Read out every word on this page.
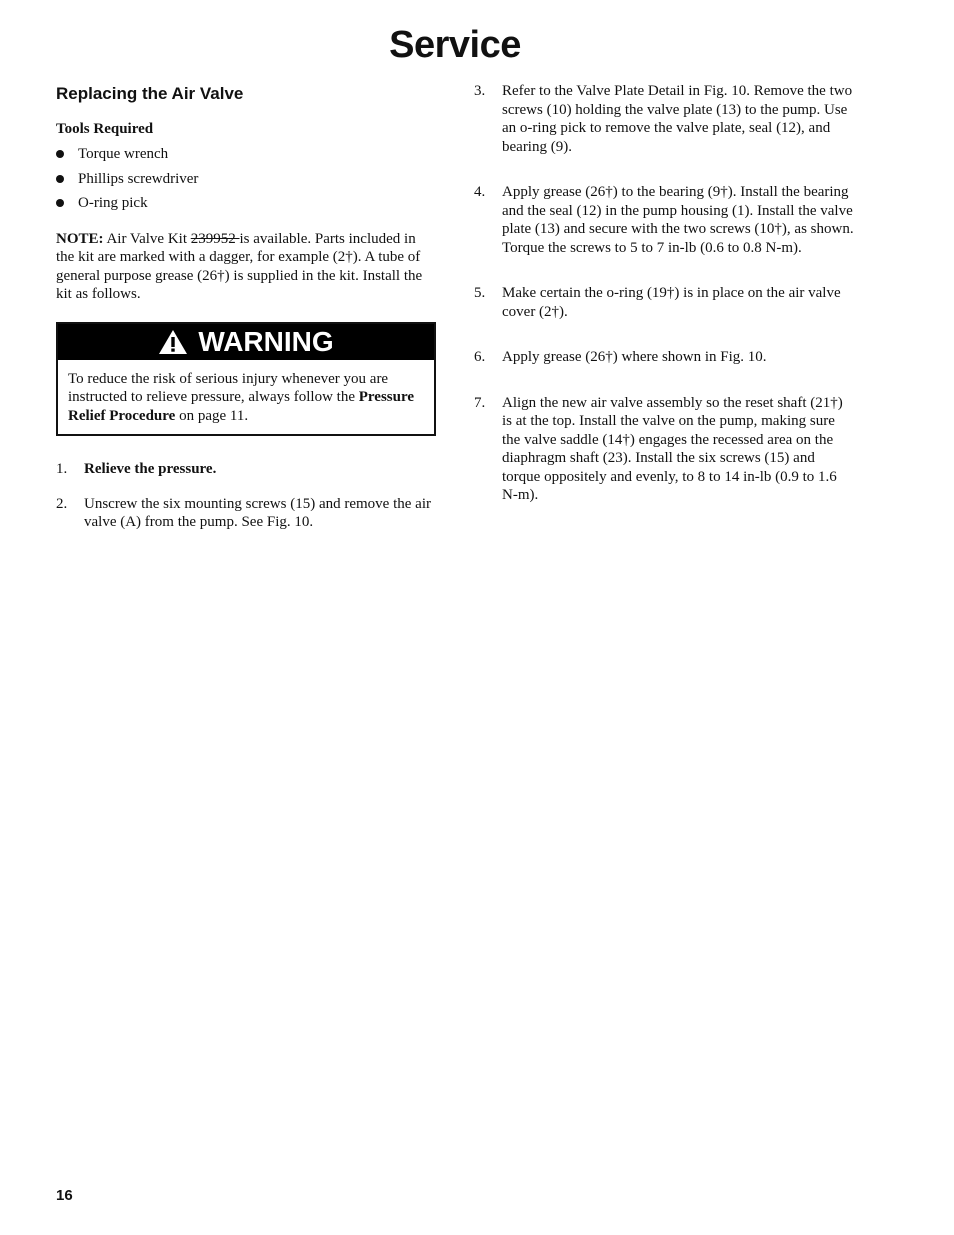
Service
Replacing the Air Valve
Tools Required
Torque wrench
Phillips screwdriver
O-ring pick

NOTE: Air Valve Kit 239952 is available. Parts included in the kit are marked with a dagger, for example (2†). A tube of general purpose grease (26†) is supplied in the kit. Install the kit as follows.

WARNING
To reduce the risk of serious injury whenever you are instructed to relieve pressure, always follow the Pressure Relief Procedure on page 11.
1. Relieve the pressure.
2. Unscrew the six mounting screws (15) and remove the air valve (A) from the pump. See Fig. 10.
3. Refer to the Valve Plate Detail in Fig. 10. Remove the two screws (10) holding the valve plate (13) to the pump. Use an o-ring pick to remove the valve plate, seal (12), and bearing (9).
4. Apply grease (26†) to the bearing (9†). Install the bearing and the seal (12) in the pump housing (1). Install the valve plate (13) and secure with the two screws (10†), as shown. Torque the screws to 5 to 7 in-lb (0.6 to 0.8 N-m).
5. Make certain the o-ring (19†) is in place on the air valve cover (2†).
6. Apply grease (26†) where shown in Fig. 10.
7. Align the new air valve assembly so the reset shaft (21†) is at the top. Install the valve on the pump, making sure the valve saddle (14†) engages the recessed area on the diaphragm shaft (23). Install the six screws (15) and torque oppositely and evenly, to 8 to 14 in-lb (0.9 to 1.6 N-m).
16
